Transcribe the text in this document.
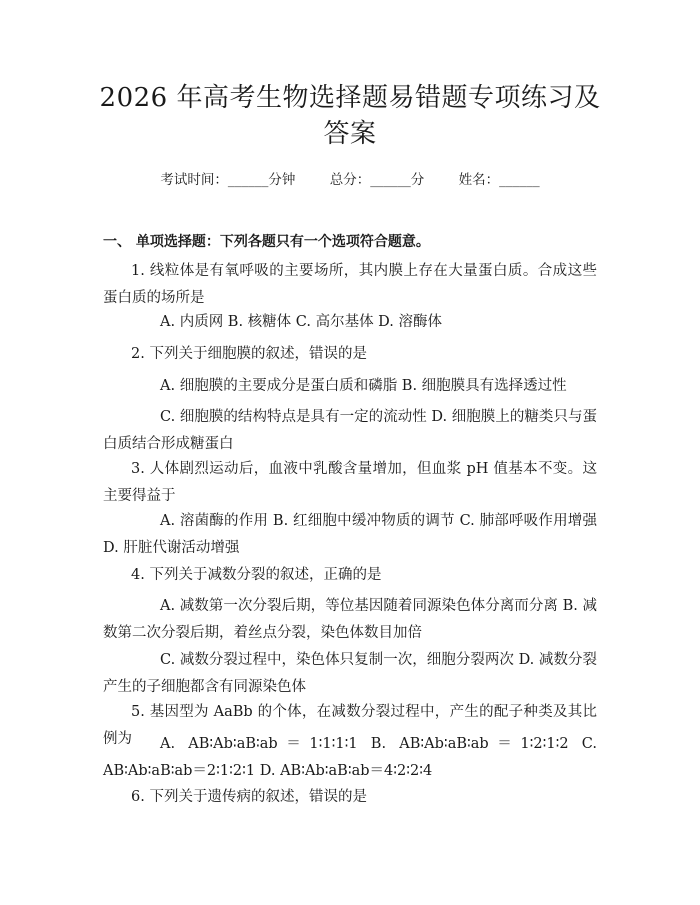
2026 年高考生物选择题易错题专项练习及答案
考试时间：______分钟        总分：______分        姓名：______
一、 单项选择题：下列各题只有一个选项符合题意。
1. 线粒体是有氧呼吸的主要场所，其内膜上存在大量蛋白质。合成这些蛋白质的场所是
A. 内质网 B. 核糖体 C. 高尔基体 D. 溶酶体
2. 下列关于细胞膜的叙述，错误的是
A. 细胞膜的主要成分是蛋白质和磷脂 B. 细胞膜具有选择透过性
C. 细胞膜的结构特点是具有一定的流动性 D. 细胞膜上的糖类只与蛋白质结合形成糖蛋白
3. 人体剧烈运动后，血液中乳酸含量增加，但血浆 pH 值基本不变。这主要得益于
A. 溶菌酶的作用 B. 红细胞中缓冲物质的调节 C. 肺部呼吸作用增强 D. 肝脏代谢活动增强
4. 下列关于减数分裂的叙述，正确的是
A. 减数第一次分裂后期，等位基因随着同源染色体分离而分离 B. 减数第二次分裂后期，着丝点分裂，染色体数目加倍
C. 减数分裂过程中，染色体只复制一次，细胞分裂两次 D. 减数分裂产生的子细胞都含有同源染色体
5. 基因型为 AaBb 的个体，在减数分裂过程中，产生的配子种类及其比例为	A. AB∶Ab∶aB∶ab＝1∶1∶1∶1 B. AB∶Ab∶aB∶ab＝1∶2∶1∶2 C. AB∶Ab∶aB∶ab＝2∶1∶2∶1 D. AB∶Ab∶aB∶ab＝4∶2∶2∶4
6. 下列关于遗传病的叙述，错误的是
